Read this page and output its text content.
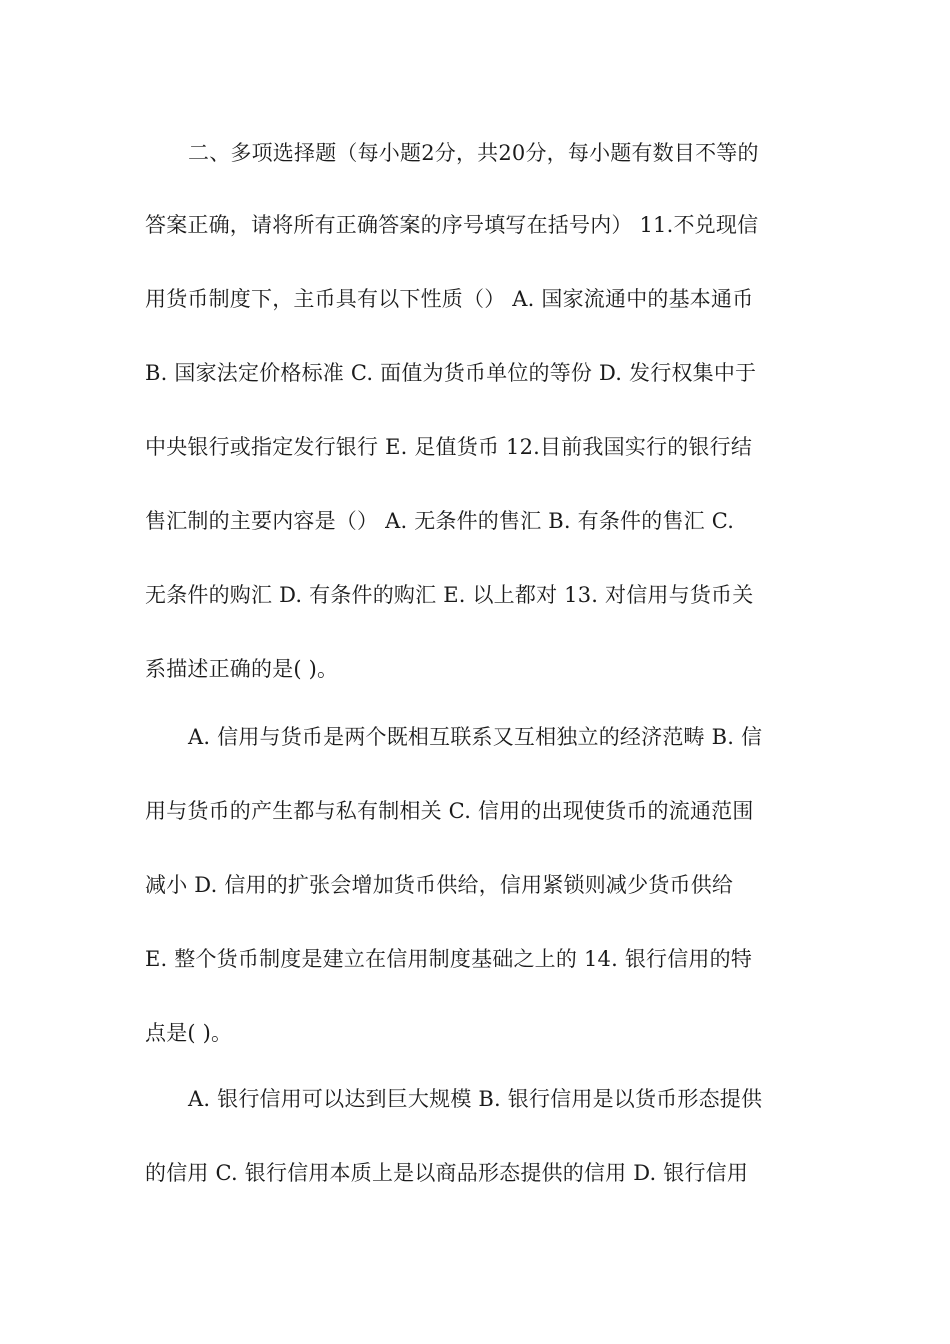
二、多项选择题（每小题2分，共20分，每小题有数目不等的
答案正确，请将所有正确答案的序号填写在括号内） 11.不兑现信
用货币制度下，主币具有以下性质（） A. 国家流通中的基本通币
B. 国家法定价格标准 C. 面值为货币单位的等份 D. 发行权集中于
中央银行或指定发行银行 E. 足值货币 12.目前我国实行的银行结
售汇制的主要内容是（） A. 无条件的售汇 B. 有条件的售汇 C.
无条件的购汇 D. 有条件的购汇 E. 以上都对 13. 对信用与货币关
系描述正确的是( )。
A. 信用与货币是两个既相互联系又互相独立的经济范畴 B. 信
用与货币的产生都与私有制相关 C. 信用的出现使货币的流通范围
减小 D. 信用的扩张会增加货币供给，信用紧锁则减少货币供给
E. 整个货币制度是建立在信用制度基础之上的 14. 银行信用的特
点是( )。
A. 银行信用可以达到巨大规模 B. 银行信用是以货币形态提供
的信用 C. 银行信用本质上是以商品形态提供的信用 D. 银行信用
